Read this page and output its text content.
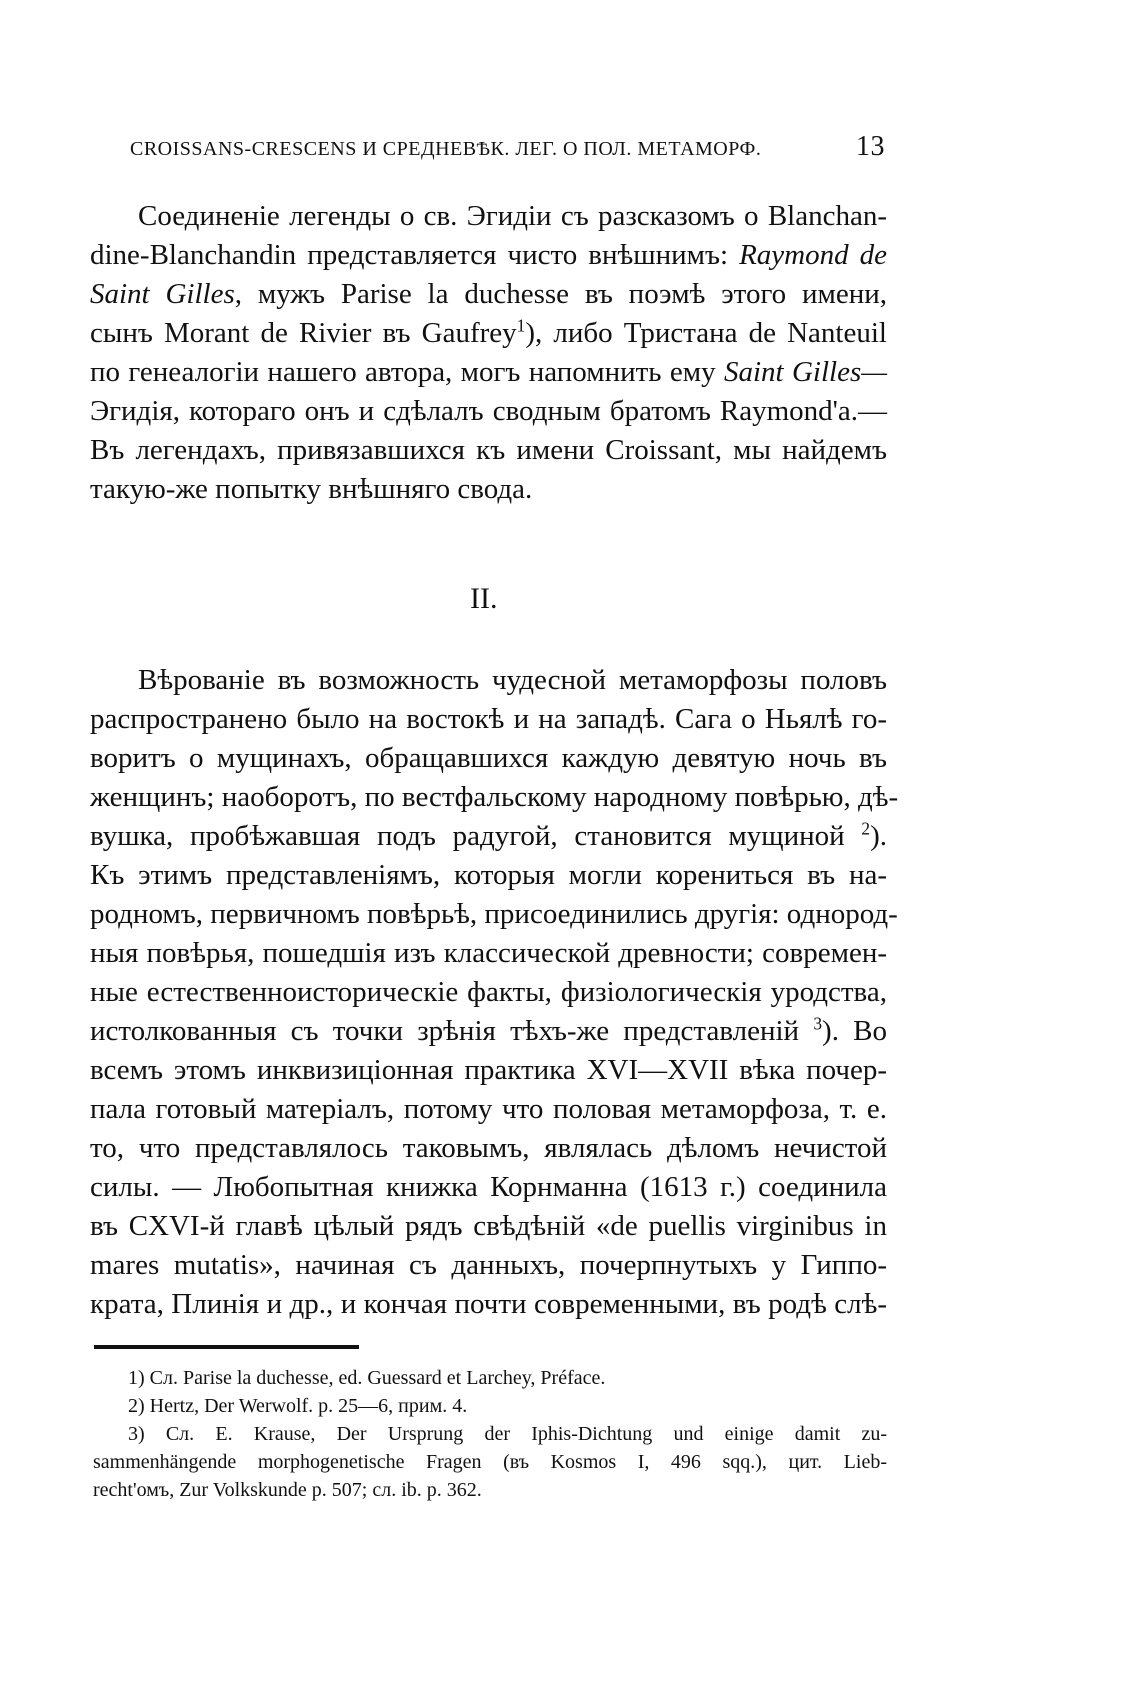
CROISSANS-CRESCENS И СРЕДНЕВѢК. ЛЕГ. О ПОЛ. МЕТАМОРФ.	13
Соединеніе легенды о св. Эгидіи съ разсказомъ о Blanchan-
dine-Blanchandin представляется чисто внѣшнимъ: Raymond de
Saint Gilles, мужъ Parise la duchesse въ поэмѣ этого имени,
сынъ Morant de Rivier въ Gaufrey$^1$), либо Тристана de Nanteuil
по генеалогіи нашего автора, могъ напомнить ему Saint Gilles—
Эгидія, котораго онъ и сдѣлалъ сводным братомъ Raymond'a.—
Въ легендахъ, привязавшихся къ имени Croissant, мы найдемъ
такую-же попытку внѣшняго свода.
II.
Вѣрованіе въ возможность чудесной метаморфозы половъ
распространено было на востокѣ и на западѣ. Сага о Ньялѣ го-
воритъ о мущинахъ, обращавшихся каждую девятую ночь въ
женщинъ; наоборотъ, по вестфальскому народному повѣрью, дѣ-
вушка, пробѣжавшая подъ радугой, становится мущиной $^2$).
Къ этимъ представленіямъ, которыя могли корениться въ на-
родномъ, первичномъ повѣрьѣ, присоединились другія: однород-
ныя повѣрья, пошедшія изъ классической древности; современ-
ные естественноисторическіе факты, физіологическія уродства,
истолкованныя съ точки зрѣнія тѣхъ-же представленій $^3$). Во
всемъ этомъ инквизиціонная практика XVI—XVII вѣка почер-
пала готовый матеріалъ, потому что половая метаморфоза, т. е.
то, что представлялось таковымъ, являлась дѣломъ нечистой
силы. — Любопытная книжка Корнманна (1613 г.) соединила
въ CXVI-й главѣ цѣлый рядъ свѣдѣній «de puellis virginibus in
mares mutatis», начиная съ данныхъ, почерпнутыхъ у Гиппо-
крата, Плинія и др., и кончая почти современными, въ родѣ слѣ-
1) Сл. Parise la duchesse, ed. Guessard et Larchey, Préface.
2) Hertz, Der Werwolf. p. 25—6, прим. 4.
3) Сл. E. Krause, Der Ursprung der Iphis-Dichtung und einige damit zu-
sammenhängende morphogenetische Fragen (въ Kosmos I, 496 sqq.), цит. Lieb-
recht'омъ, Zur Volkskunde p. 507; сл. ib. p. 362.
